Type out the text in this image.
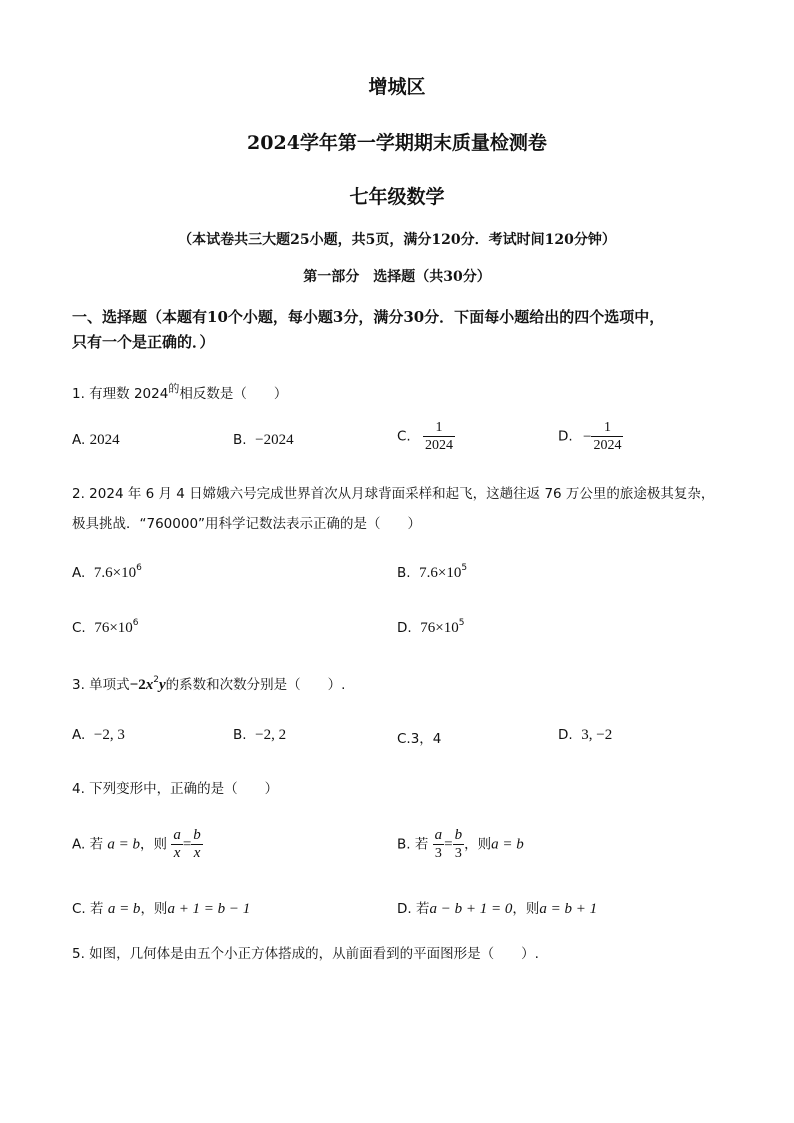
增城区
2024学年第一学期期末质量检测卷
七年级数学
（本试卷共三大题25小题，共5页，满分120分．考试时间120分钟）
第一部分　选择题（共30分）
一、选择题（本题有10个小题，每小题3分，满分30分．下面每小题给出的四个选项中，
只有一个是正确的．）
1. 有理数 $2024^的$相反数是（　　）
A. 2024	B. −2024	C. $\frac{1}{2024}$	D. − $\frac{1}{2024}$
2. 2024 年 6 月 4 日嫦娥六号完成世界首次从月球背面采样和起飞，这趟往返 76 万公里的旅途极其复杂，
极具挑战．“760000”用科学记数法表示正确的是（　　）
A. $7.6\times 10^6$	B. $7.6\times 10^5$
C. $76\times 10^6$	D. $76\times 10^5$
3. 单项式$-2x^2y$的系数和次数分别是（　　）.
A. −2, 3	B. −2, 2	C.3，4	D. 3, −2
4. 下列变形中，正确的是（　　）
A. 若 a = b，则 $\frac{a}{x} = \frac{b}{x}$	B. 若 $\frac{a}{3} = \frac{b}{3}$ ，则a = b
C. 若 a = b，则a + 1 = b − 1	D. 若a − b + 1 = 0，则a = b + 1
5. 如图，几何体是由五个小正方体搭成的，从前面看到的平面图形是（　　）.
